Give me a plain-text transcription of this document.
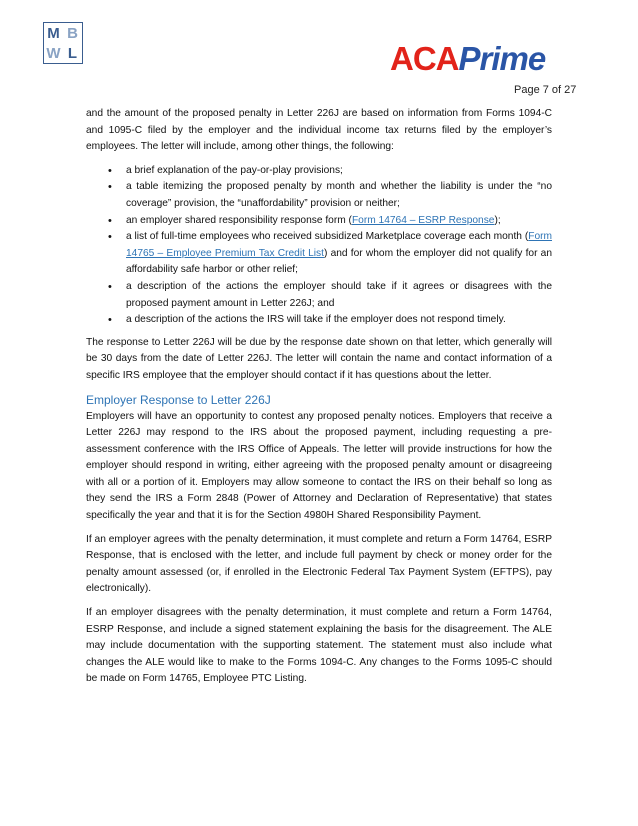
M B
W L	ACAPrime
Page 7 of 27

and the amount of the proposed penalty in Letter 226J are based on information from Forms 1094-C and 1095-C filed by the employer and the individual income tax returns filed by the employer’s employees. The letter will include, among other things, the following:

• a brief explanation of the pay-or-play provisions;
• a table itemizing the proposed penalty by month and whether the liability is under the “no coverage” provision, the “unaffordability” provision or neither;
• an employer shared responsibility response form (Form 14764 – ESRP Response);
• a list of full-time employees who received subsidized Marketplace coverage each month (Form 14765 – Employee Premium Tax Credit List) and for whom the employer did not qualify for an affordability safe harbor or other relief;
• a description of the actions the employer should take if it agrees or disagrees with the proposed payment amount in Letter 226J; and
• a description of the actions the IRS will take if the employer does not respond timely.

The response to Letter 226J will be due by the response date shown on that letter, which generally will be 30 days from the date of Letter 226J. The letter will contain the name and contact information of a specific IRS employee that the employer should contact if it has questions about the letter.

Employer Response to Letter 226J

Employers will have an opportunity to contest any proposed penalty notices. Employers that receive a Letter 226J may respond to the IRS about the proposed payment, including requesting a pre-assessment conference with the IRS Office of Appeals. The letter will provide instructions for how the employer should respond in writing, either agreeing with the proposed penalty amount or disagreeing with all or a portion of it. Employers may allow someone to contact the IRS on their behalf so long as they send the IRS a Form 2848 (Power of Attorney and Declaration of Representative) that states specifically the year and that it is for the Section 4980H Shared Responsibility Payment.

If an employer agrees with the penalty determination, it must complete and return a Form 14764, ESRP Response, that is enclosed with the letter, and include full payment by check or money order for the penalty amount assessed (or, if enrolled in the Electronic Federal Tax Payment System (EFTPS), pay electronically).

If an employer disagrees with the penalty determination, it must complete and return a Form 14764, ESRP Response, and include a signed statement explaining the basis for the disagreement. The ALE may include documentation with the supporting statement. The statement must also include what changes the ALE would like to make to the Forms 1094-C. Any changes to the Forms 1095-C should be made on Form 14765, Employee PTC Listing.
